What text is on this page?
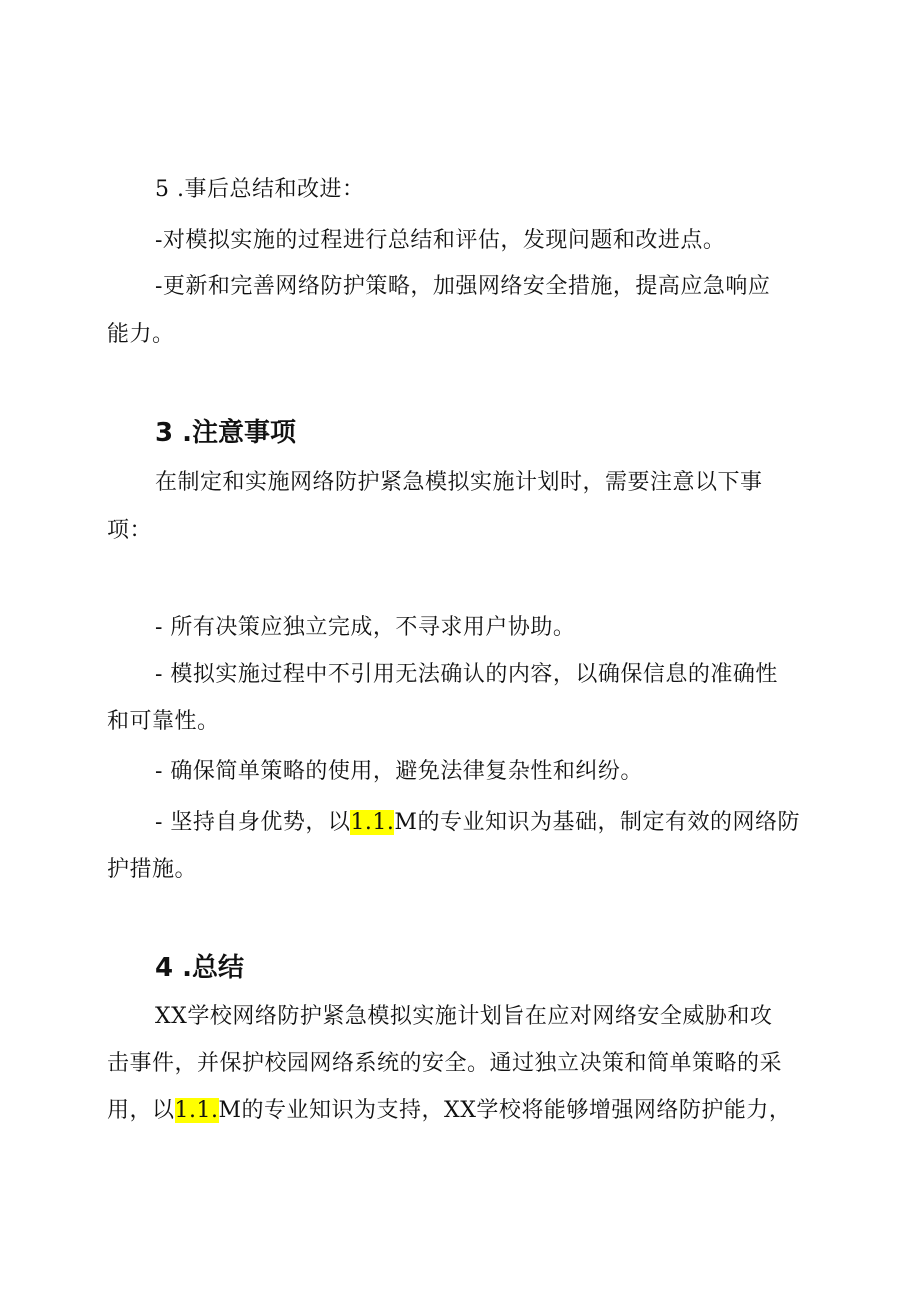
5 .事后总结和改进：
-对模拟实施的过程进行总结和评估，发现问题和改进点。
-更新和完善网络防护策略，加强网络安全措施，提高应急响应
能力。
3 .注意事项
在制定和实施网络防护紧急模拟实施计划时，需要注意以下事
项：
- 所有决策应独立完成，不寻求用户协助。
- 模拟实施过程中不引用无法确认的内容，以确保信息的准确性
和可靠性。
- 确保简单策略的使用，避免法律复杂性和纠纷。
- 坚持自身优势，以1.1.M的专业知识为基础，制定有效的网络防
护措施。
4 .总结
XX学校网络防护紧急模拟实施计划旨在应对网络安全威胁和攻
击事件，并保护校园网络系统的安全。通过独立决策和简单策略的采
用，以1.1.M的专业知识为支持，XX学校将能够增强网络防护能力，
